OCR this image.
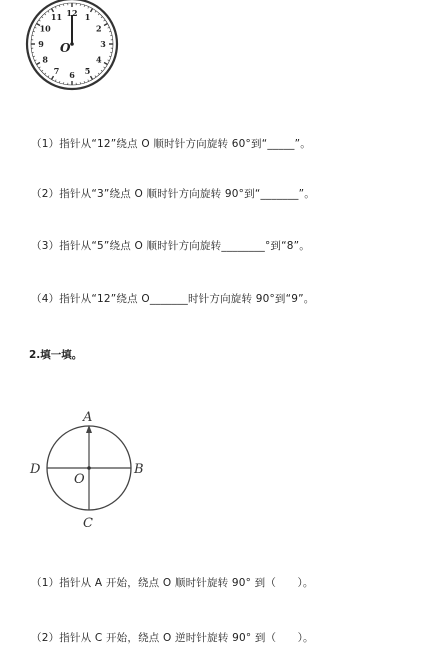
12 1
2
3
4
5
6
7
8
9
10
11
O
（1）指针从“12”绕点 O 顺时针方向旋转 60°到“_____”。
（2）指针从“3”绕点 O 顺时针方向旋转 90°到“_______”。
（3）指针从“5”绕点 O 顺时针方向旋转________°到“8”。
（4）指针从“12”绕点 O_______时针方向旋转 90°到“9”。
2.填一填。
A
B
C
D
O
（1）指针从 A 开始，绕点 O 顺时针旋转 90° 到（　　）。
（2）指针从 C 开始，绕点 O 逆时针旋转 90° 到（　　）。
